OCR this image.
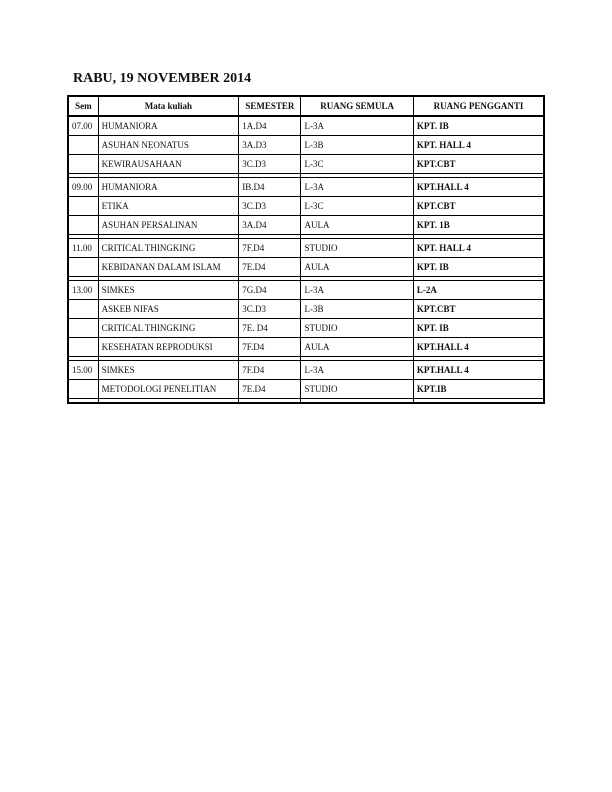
RABU, 19 NOVEMBER 2014
Sem	Mata kuliah	SEMESTER	RUANG SEMULA	RUANG PENGGANTI
07.00	HUMANIORA	1A.D4	L-3A	KPT. IB
	ASUHAN NEONATUS	3A.D3	L-3B	KPT. HALL 4
	KEWIRAUSAHAAN	3C.D3	L-3C	KPT.CBT

09.00	HUMANIORA	IB.D4	L-3A	KPT.HALL 4
	ETIKA	3C.D3	L-3C	KPT.CBT
	ASUHAN PERSALINAN	3A.D4	AULA	KPT. 1B

11.00	CRITICAL THINGKING	7F.D4	STUDIO	KPT. HALL 4
	KEBIDANAN DALAM ISLAM	7E.D4	AULA	KPT. IB

13.00	SIMKES	7G.D4	L-3A	L-2A
	ASKEB NIFAS	3C.D3	L-3B	KPT.CBT
	CRITICAL THINGKING	7E. D4	STUDIO	KPT. IB
	KESEHATAN REPRODUKSI	7F.D4	AULA	KPT.HALL 4

15.00	SIMKES	7F.D4	L-3A	KPT.HALL 4
	METODOLOGI PENELITIAN	7E.D4	STUDIO	KPT.IB
